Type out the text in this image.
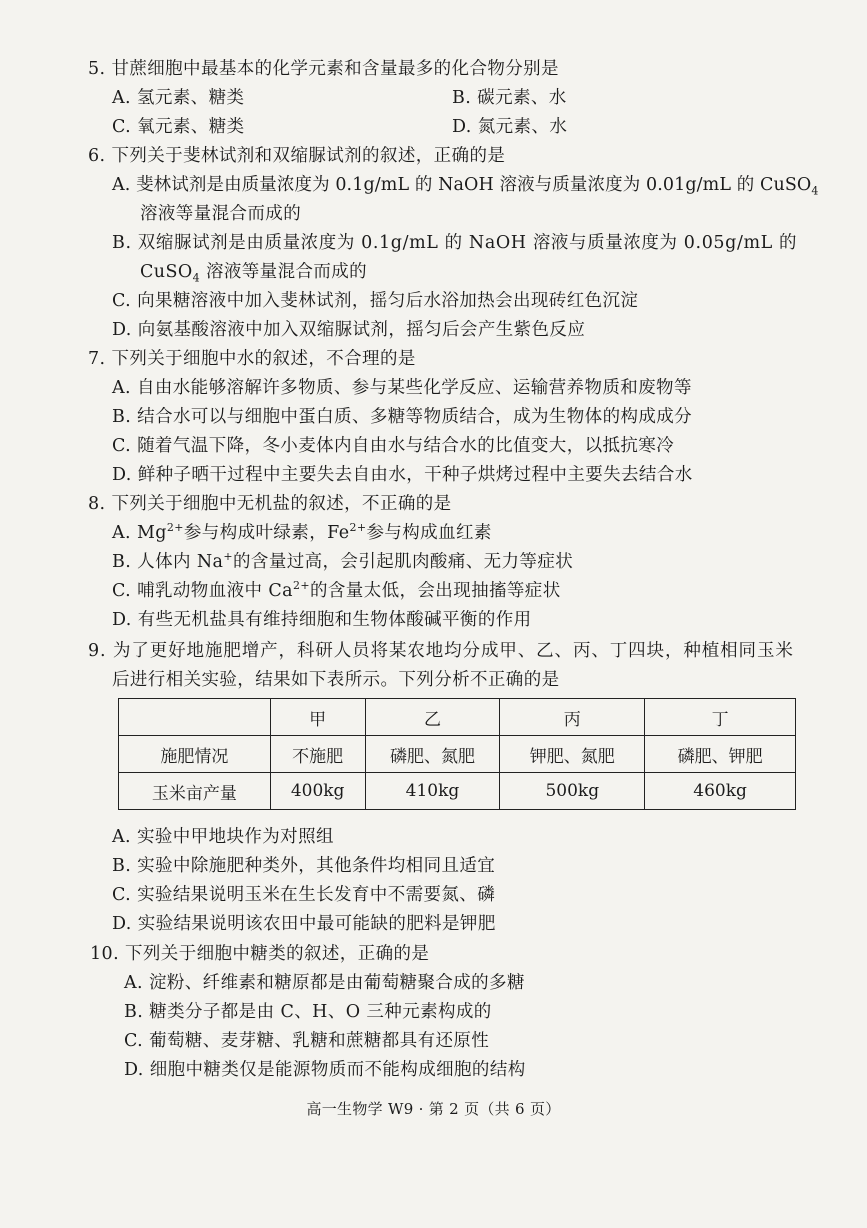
5. 甘蔗细胞中最基本的化学元素和含量最多的化合物分别是
A. 氢元素、糖类	B. 碳元素、水
C. 氧元素、糖类	D. 氮元素、水
6. 下列关于斐林试剂和双缩脲试剂的叙述，正确的是
A. 斐林试剂是由质量浓度为 0.1g/mL 的 NaOH 溶液与质量浓度为 0.01g/mL 的 CuSO$_4$
溶液等量混合而成的
B. 双缩脲试剂是由质量浓度为 0.1g/mL 的 NaOH 溶液与质量浓度为 0.05g/mL 的
CuSO$_4$ 溶液等量混合而成的
C. 向果糖溶液中加入斐林试剂，摇匀后水浴加热会出现砖红色沉淀
D. 向氨基酸溶液中加入双缩脲试剂，摇匀后会产生紫色反应
7. 下列关于细胞中水的叙述，不合理的是
A. 自由水能够溶解许多物质、参与某些化学反应、运输营养物质和废物等
B. 结合水可以与细胞中蛋白质、多糖等物质结合，成为生物体的构成成分
C. 随着气温下降，冬小麦体内自由水与结合水的比值变大，以抵抗寒冷
D. 鲜种子晒干过程中主要失去自由水，干种子烘烤过程中主要失去结合水
8. 下列关于细胞中无机盐的叙述，不正确的是
A. $Mg^{2+}$参与构成叶绿素，$Fe^{2+}$参与构成血红素
B. 人体内 Na+的含量过高，会引起肌肉酸痛、无力等症状
C. 哺乳动物血液中 $Ca^{2+}$的含量太低，会出现抽搐等症状
D. 有些无机盐具有维持细胞和生物体酸碱平衡的作用
9. 为了更好地施肥增产，科研人员将某农地均分成甲、乙、丙、丁四块，种植相同玉米
后进行相关实验，结果如下表所示。下列分析不正确的是
	甲	乙	丙	丁
施肥情况	不施肥	磷肥、氮肥	钾肥、氮肥	磷肥、钾肥
玉米亩产量	400kg	410kg	500kg	460kg
A. 实验中甲地块作为对照组
B. 实验中除施肥种类外，其他条件均相同且适宜
C. 实验结果说明玉米在生长发育中不需要氮、磷
D. 实验结果说明该农田中最可能缺的肥料是钾肥
10. 下列关于细胞中糖类的叙述，正确的是
A. 淀粉、纤维素和糖原都是由葡萄糖聚合成的多糖
B. 糖类分子都是由 C、H、O 三种元素构成的
C. 葡萄糖、麦芽糖、乳糖和蔗糖都具有还原性
D. 细胞中糖类仅是能源物质而不能构成细胞的结构
高一生物学 W9 · 第 2 页（共 6 页）
